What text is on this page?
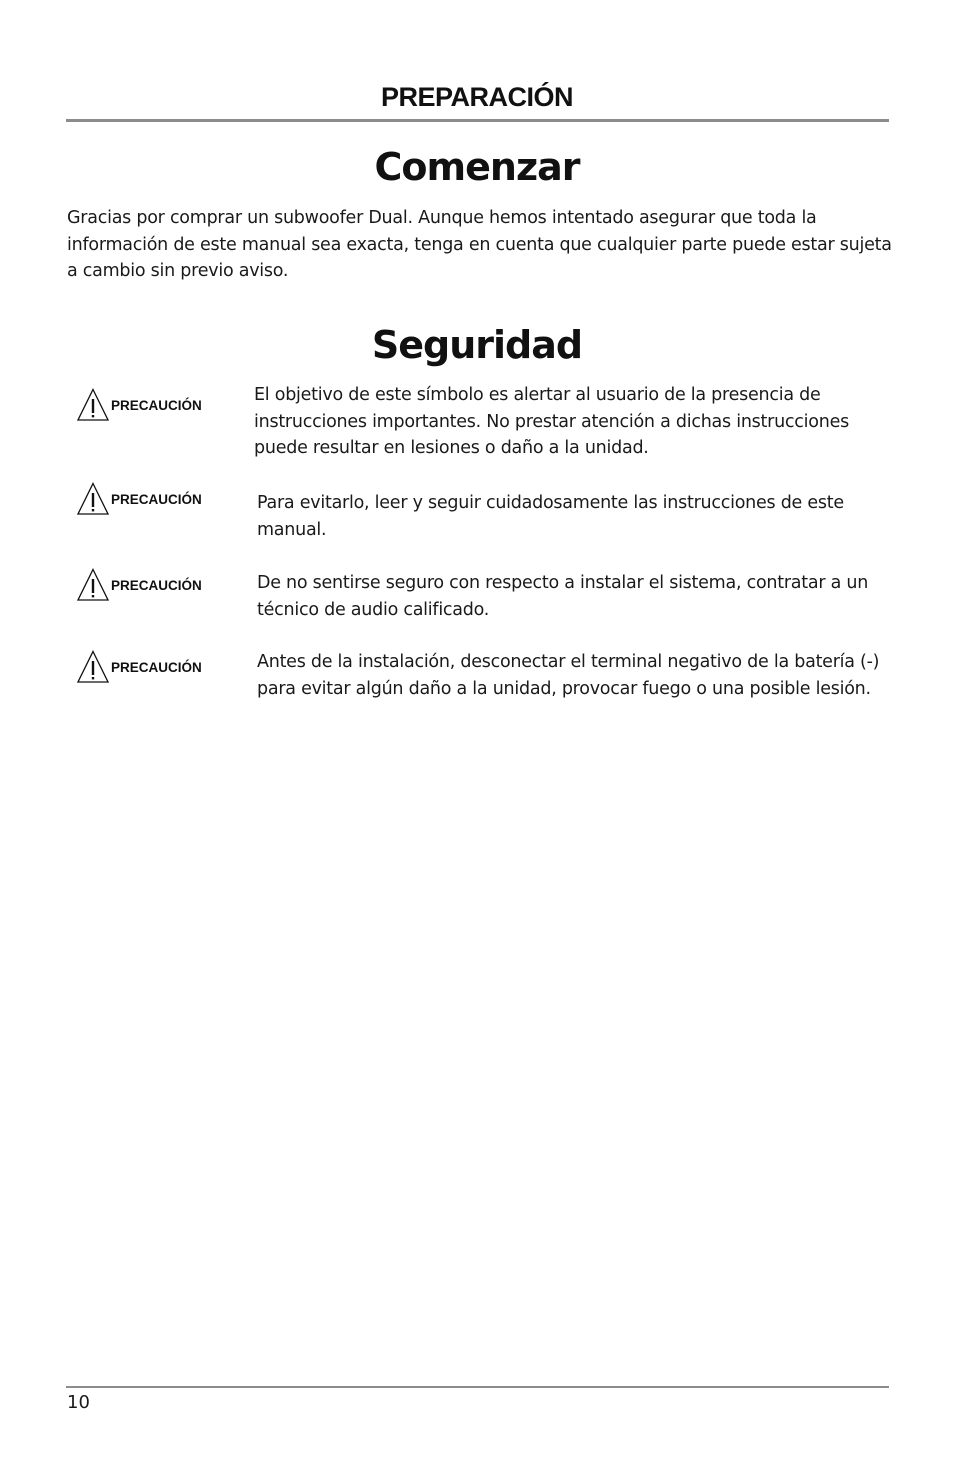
PREPARACIÓN
Comenzar
Gracias por comprar un subwoofer Dual. Aunque hemos intentado asegurar que toda la información de este manual sea exacta, tenga en cuenta que cualquier parte puede estar sujeta a cambio sin previo aviso.
Seguridad
PRECAUCIÓN	El objetivo de este símbolo es alertar al usuario de la presencia de instrucciones importantes. No prestar atención a dichas instrucciones puede resultar en lesiones o daño a la unidad.
PRECAUCIÓN	Para evitarlo, leer y seguir cuidadosamente las instrucciones de este manual.
PRECAUCIÓN	De no sentirse seguro con respecto a instalar el sistema, contratar a un técnico de audio calificado.
PRECAUCIÓN	Antes de la instalación, desconectar el terminal negativo de la batería (-) para evitar algún daño a la unidad, provocar fuego o una posible lesión.
10
